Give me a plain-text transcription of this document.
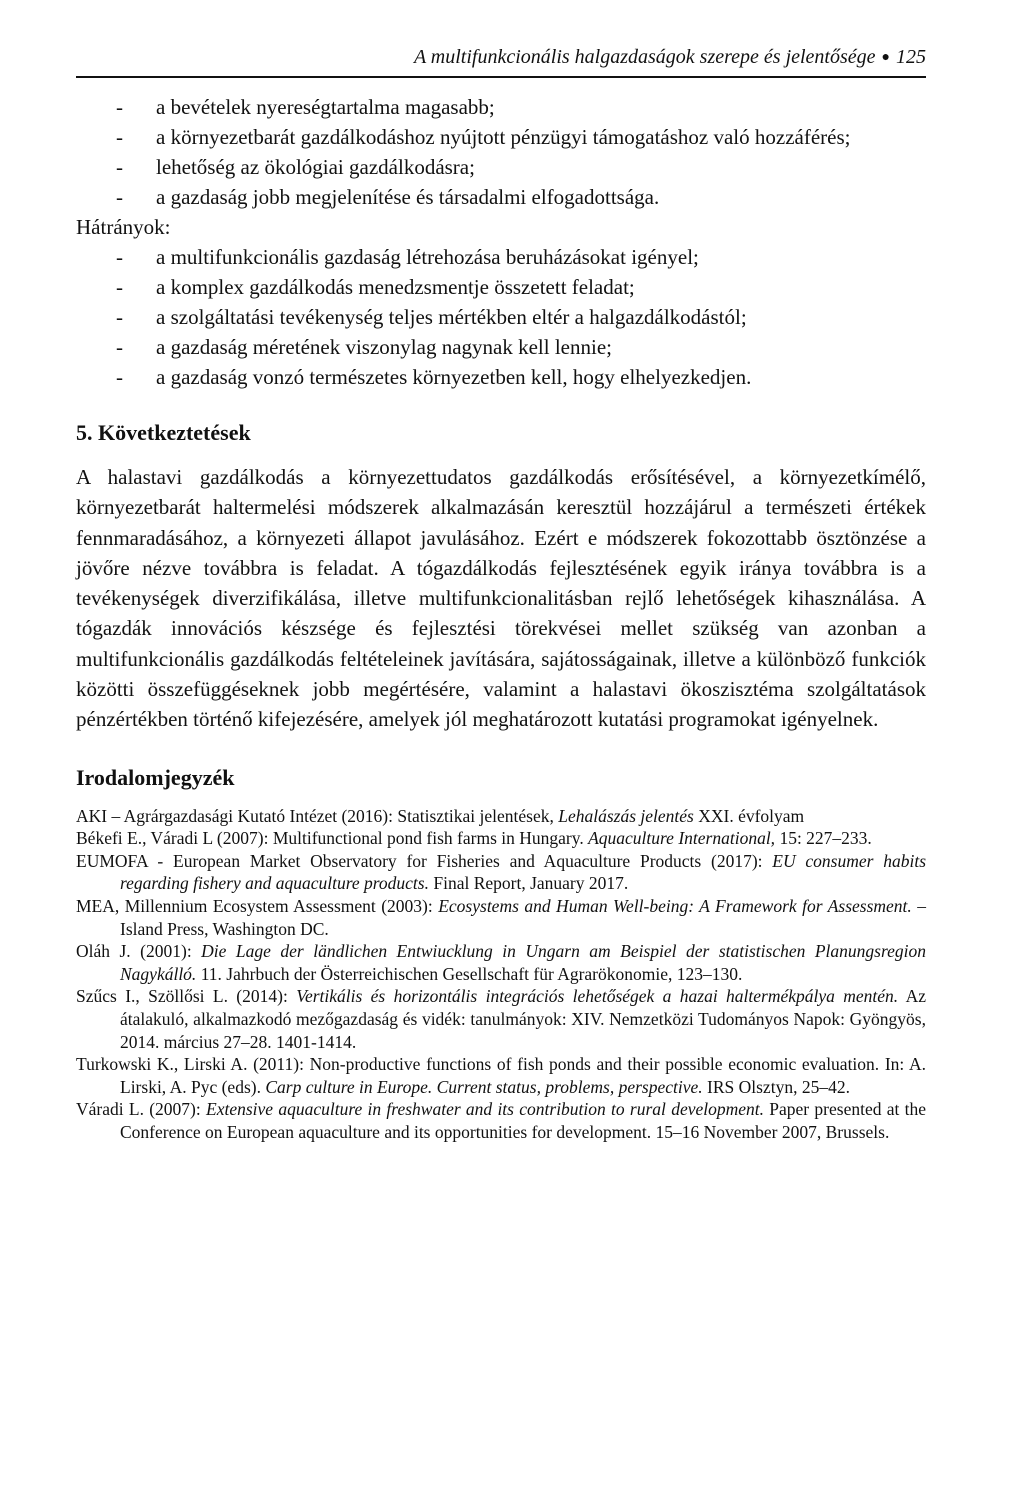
A multifunkcionális halgazdaságok szerepe és jelentősége ● 125
- a bevételek nyereségtartalma magasabb;
- a környezetbarát gazdálkodáshoz nyújtott pénzügyi támogatáshoz való hozzáférés;
- lehetőség az ökológiai gazdálkodásra;
- a gazdaság jobb megjelenítése és társadalmi elfogadottsága.

Hátrányok:

- a multifunkcionális gazdaság létrehozása beruházásokat igényel;
- a komplex gazdálkodás menedzsmentje összetett feladat;
- a szolgáltatási tevékenység teljes mértékben eltér a halgazdálkodástól;
- a gazdaság méretének viszonylag nagynak kell lennie;
- a gazdaság vonzó természetes környezetben kell, hogy elhelyezkedjen.
5. Következtetések

A halastavi gazdálkodás a környezettudatos gazdálkodás erősítésével, a környezetkímélő, környezetbarát haltermelési módszerek alkalmazásán keresztül hozzájárul a természeti értékek fennmaradásához, a környezeti állapot javulásához. Ezért e módszerek fokozottabb ösztönzése a jövőre nézve továbbra is feladat. A tógazdálkodás fejlesztésének egyik iránya továbbra is a tevékenységek diverzifikálása, illetve multifunkcionalitásban rejlő lehetőségek kihasználása. A tógazdák innovációs készsége és fejlesztési törekvései mellet szükség van azonban a multifunkcionális gazdálkodás feltételeinek javítására, sajátosságainak, illetve a különböző funkciók közötti összefüggéseknek jobb megértésére, valamint a halastavi ökoszisztéma szolgáltatások pénzértékben történő kifejezésére, amelyek jól meghatározott kutatási programokat igényelnek.

Irodalomjegyzék

AKI – Agrárgazdasági Kutató Intézet (2016): Statisztikai jelentések, Lehalászás jelentés XXI. évfolyam

Békefi E., Váradi L (2007): Multifunctional pond fish farms in Hungary. Aquaculture International, 15: 227–233.

EUMOFA - European Market Observatory for Fisheries and Aquaculture Products (2017): EU consumer habits regarding fishery and aquaculture products. Final Report, January 2017.

MEA, Millennium Ecosystem Assessment (2003): Ecosystems and Human Well-being: A Framework for Assessment. – Island Press, Washington DC.

Oláh J. (2001): Die Lage der ländlichen Entwiucklung in Ungarn am Beispiel der statistischen Planungsregion Nagykálló. 11. Jahrbuch der Österreichischen Gesellschaft für Agrarökonomie, 123–130.

Szűcs I., Szöllősi L. (2014): Vertikális és horizontális integrációs lehetőségek a hazai haltermékpálya mentén. Az átalakuló, alkalmazkodó mezőgazdaság és vidék: tanulmányok: XIV. Nemzetközi Tudományos Napok: Gyöngyös, 2014. március 27–28. 1401-1414.

Turkowski K., Lirski A. (2011): Non-productive functions of fish ponds and their possible economic evaluation. In: A. Lirski, A. Pyc (eds). Carp culture in Europe. Current status, problems, perspective. IRS Olsztyn, 25–42.

Váradi L. (2007): Extensive aquaculture in freshwater and its contribution to rural development. Paper presented at the Conference on European aquaculture and its opportunities for development. 15–16 November 2007, Brussels.
